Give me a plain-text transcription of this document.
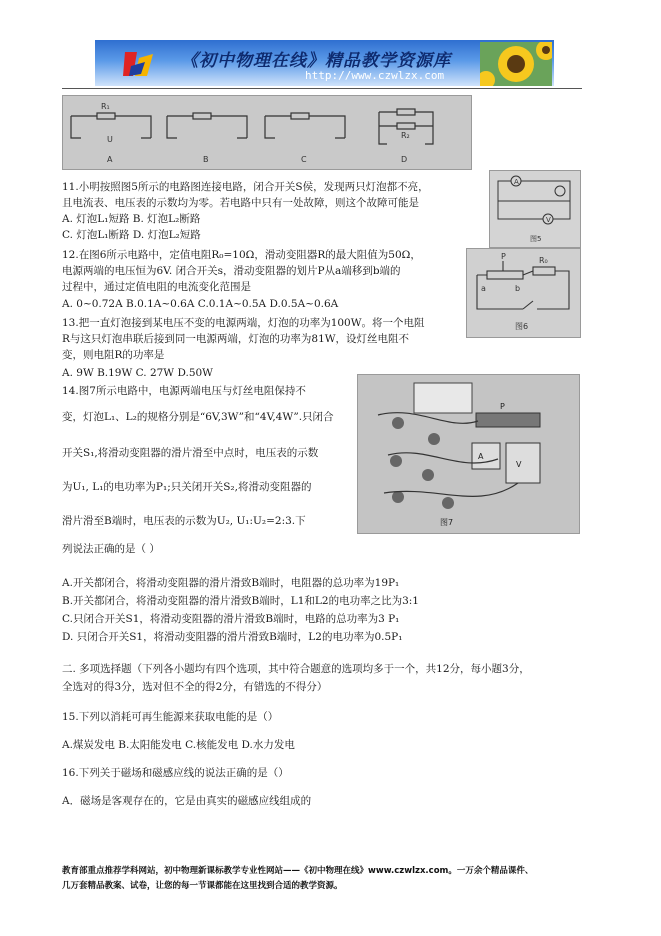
《初中物理在线》精品教学资源库
http://www.czwlzx.com
A	B	C	D
U
R₁
R₂
11.小明按照图5所示的电路图连接电路，闭合开关S侯，发现两只灯泡都不亮，
且电流表、电压表的示数均为零。若电路中只有一处故障，则这个故障可能是
A. 灯泡L₁短路 B. 灯泡L₂断路
C. 灯泡L₁断路 D. 灯泡L₂短路
A
V
图5
12.在图6所示电路中，定值电阻R₀=10Ω，滑动变阻器R的最大阻值为50Ω，
电源两端的电压恒为6V. 闭合开关s，滑动变阻器的划片P从a端移到b端的
过程中，通过定值电阻的电流变化范围是
A. 0~0.72A B.0.1A~0.6A C.0.1A~0.5A D.0.5A~0.6A
P	R₀
a	b
图6
13.把一直灯泡接到某电压不变的电源两端，灯泡的功率为100W。将一个电阻
R与这只灯泡串联后接到同一电源两端，灯泡的功率为81W，设灯丝电阻不
变，则电阻R的功率是
A. 9W B.19W C. 27W D.50W
14.图7所示电路中，电源两端电压与灯丝电阻保持不
变，灯泡L₁、L₂的规格分别是“6V,3W”和“4V,4W”.只闭合
开关S₁,将滑动变阻器的滑片滑至中点时，电压表的示数
为U₁, L₁的电功率为P₁;只关闭开关S₂,将滑动变阻器的
滑片滑至B端时，电压表的示数为U₂, U₁:U₂=2:3.下
列说法正确的是（ ）
P
A
V
图7
A.开关都闭合，将滑动变阻器的滑片滑致B端时，电阻器的总功率为19P₁
B.开关都闭合，将滑动变阻器的滑片滑致B端时，L1和L2的电功率之比为3:1
C.只闭合开关S1，将滑动变阻器的滑片滑致B端时，电路的总功率为3 P₁
D. 只闭合开关S1，将滑动变阻器的滑片滑致B端时，L2的电功率为0.5P₁
二. 多项选择题（下列各小题均有四个选项，其中符合题意的选项均多于一个，共12分，每小题3分，
全选对的得3分，选对但不全的得2分，有错选的不得分）
15.下列以消耗可再生能源来获取电能的是（）
A.煤炭发电 B.太阳能发电 C.核能发电 D.水力发电
16.下列关于磁场和磁感应线的说法正确的是（）
A．磁场是客观存在的，它是由真实的磁感应线组成的
教育部重点推荐学科网站，初中物理新课标教学专业性网站——《初中物理在线》www.czwlzx.com。一万余个精品课件、
几万套精品教案、试卷，让您的每一节课都能在这里找到合适的教学资源。
